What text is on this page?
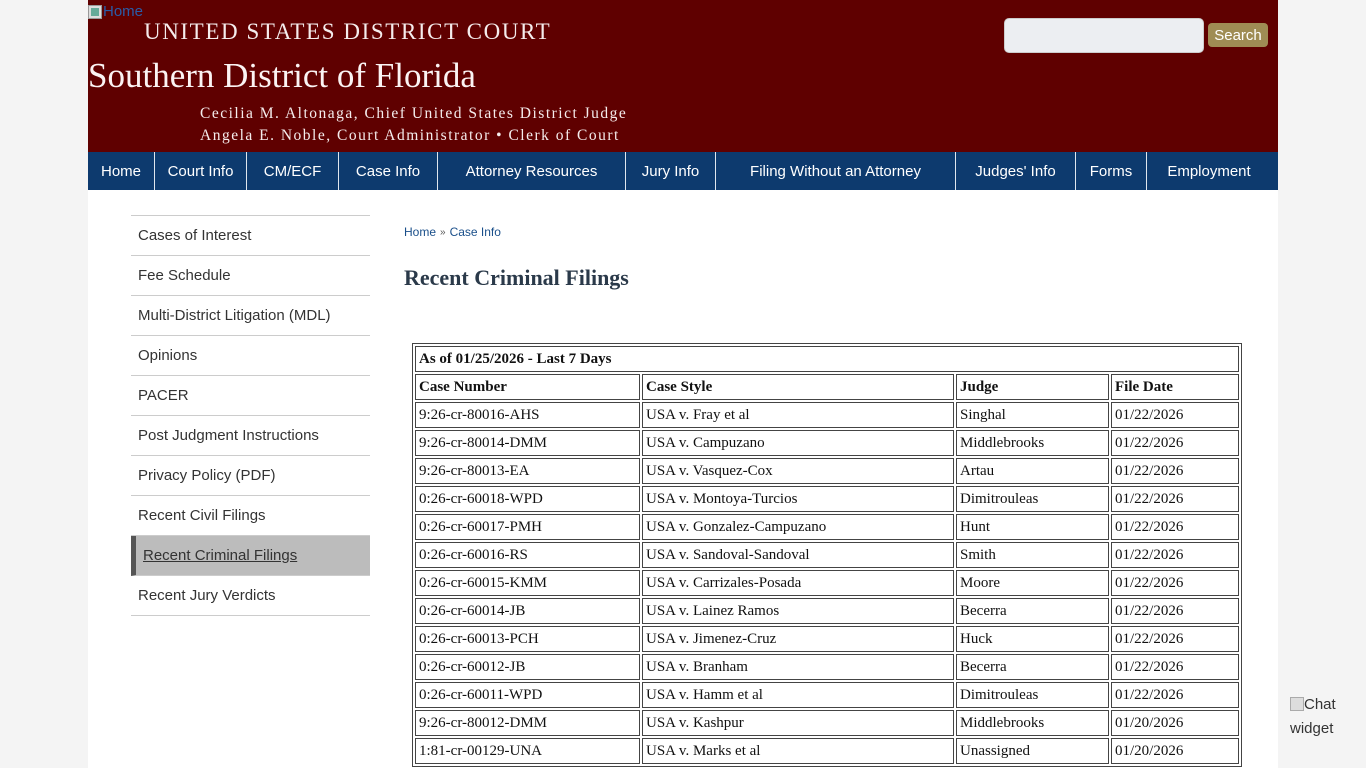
Home
UNITED STATES DISTRICT COURT
Southern District of Florida
Cecilia M. Altonaga, Chief United States District Judge
Angela E. Noble, Court Administrator • Clerk of Court
Search
Home	Court Info	CM/ECF	Case Info	Attorney Resources	Jury Info	Filing Without an Attorney	Judges' Info	Forms	Employment
Cases of Interest
Fee Schedule
Multi-District Litigation (MDL)
Opinions
PACER
Post Judgment Instructions
Privacy Policy (PDF)
Recent Civil Filings
Recent Criminal Filings
Recent Jury Verdicts
Home » Case Info
Recent Criminal Filings
As of 01/25/2026 - Last 7 Days			
Case Number	Case Style	Judge	File Date
9:26-cr-80016-AHS	USA v. Fray et al	Singhal	01/22/2026
9:26-cr-80014-DMM	USA v. Campuzano	Middlebrooks	01/22/2026
9:26-cr-80013-EA	USA v. Vasquez-Cox	Artau	01/22/2026
0:26-cr-60018-WPD	USA v. Montoya-Turcios	Dimitrouleas	01/22/2026
0:26-cr-60017-PMH	USA v. Gonzalez-Campuzano	Hunt	01/22/2026
0:26-cr-60016-RS	USA v. Sandoval-Sandoval	Smith	01/22/2026
0:26-cr-60015-KMM	USA v. Carrizales-Posada	Moore	01/22/2026
0:26-cr-60014-JB	USA v. Lainez Ramos	Becerra	01/22/2026
0:26-cr-60013-PCH	USA v. Jimenez-Cruz	Huck	01/22/2026
0:26-cr-60012-JB	USA v. Branham	Becerra	01/22/2026
0:26-cr-60011-WPD	USA v. Hamm et al	Dimitrouleas	01/22/2026
9:26-cr-80012-DMM	USA v. Kashpur	Middlebrooks	01/20/2026
1:81-cr-00129-UNA	USA v. Marks et al	Unassigned	01/20/2026
Chat widget
